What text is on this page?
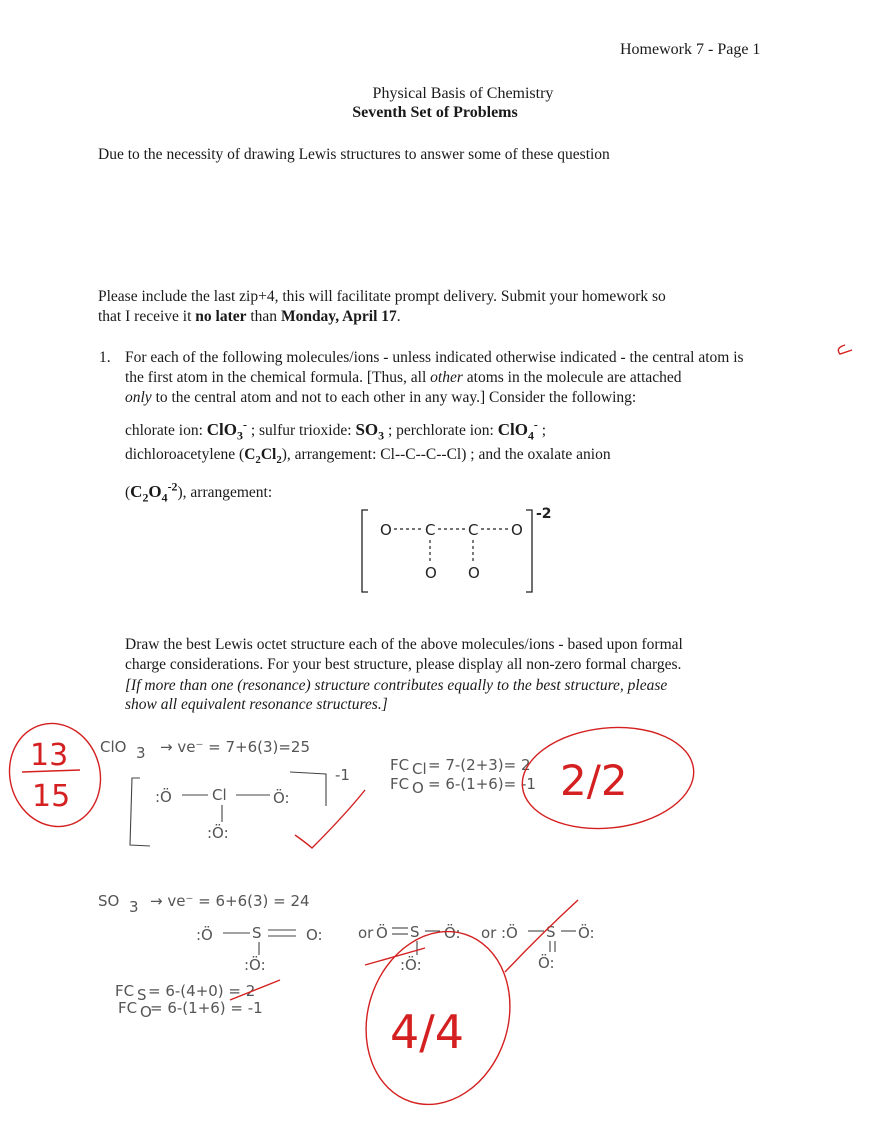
Homework 7 - Page 1
Physical Basis of Chemistry
Seventh Set of Problems
Due to the necessity of drawing Lewis structures to answer some of these question
Please include the last zip+4, this will facilitate prompt delivery. Submit your homework so
that I receive it no later than Monday, April 17.
1. For each of the following molecules/ions - unless indicated otherwise indicated - the central atom is
the first atom in the chemical formula. [Thus, all other atoms in the molecule are attached
only to the central atom and not to each other in any way.] Consider the following:
chlorate ion: ClO$_3$- ; sulfur trioxide: $SO_3$ ; perchlorate ion: ClO$_4$- ;
dichloroacetylene $(C_2Cl_2)$, arrangement: Cl--C--C--Cl) ; and the oxalate anion
$(C_2O_4^{-2})$, arrangement:
O C C O
O O
-2
Draw the best Lewis octet structure each of the above molecules/ions - based upon formal
charge considerations. For your best structure, please display all non-zero formal charges.
[If more than one (resonance) structure contributes equally to the best structure, please
show all equivalent resonance structures.]
13
15
ClO 3 → ve⁻ = 7+6(3)=25
:Ö	Cl	Ö:
:Ö:
-1
FC Cl = 7-(2+3)= 2
FC O = 6-(1+6)= -1 2/2
SO 3 → ve⁻ = 6+6(3) = 24
:Ö	S	O:
:Ö:
or Ö S Ö:
:Ö:
or :Ö S Ö:
Ö:
FC S = 6-(4+0) = 2
FC O
= 6-(1+6) = -1	4/4
